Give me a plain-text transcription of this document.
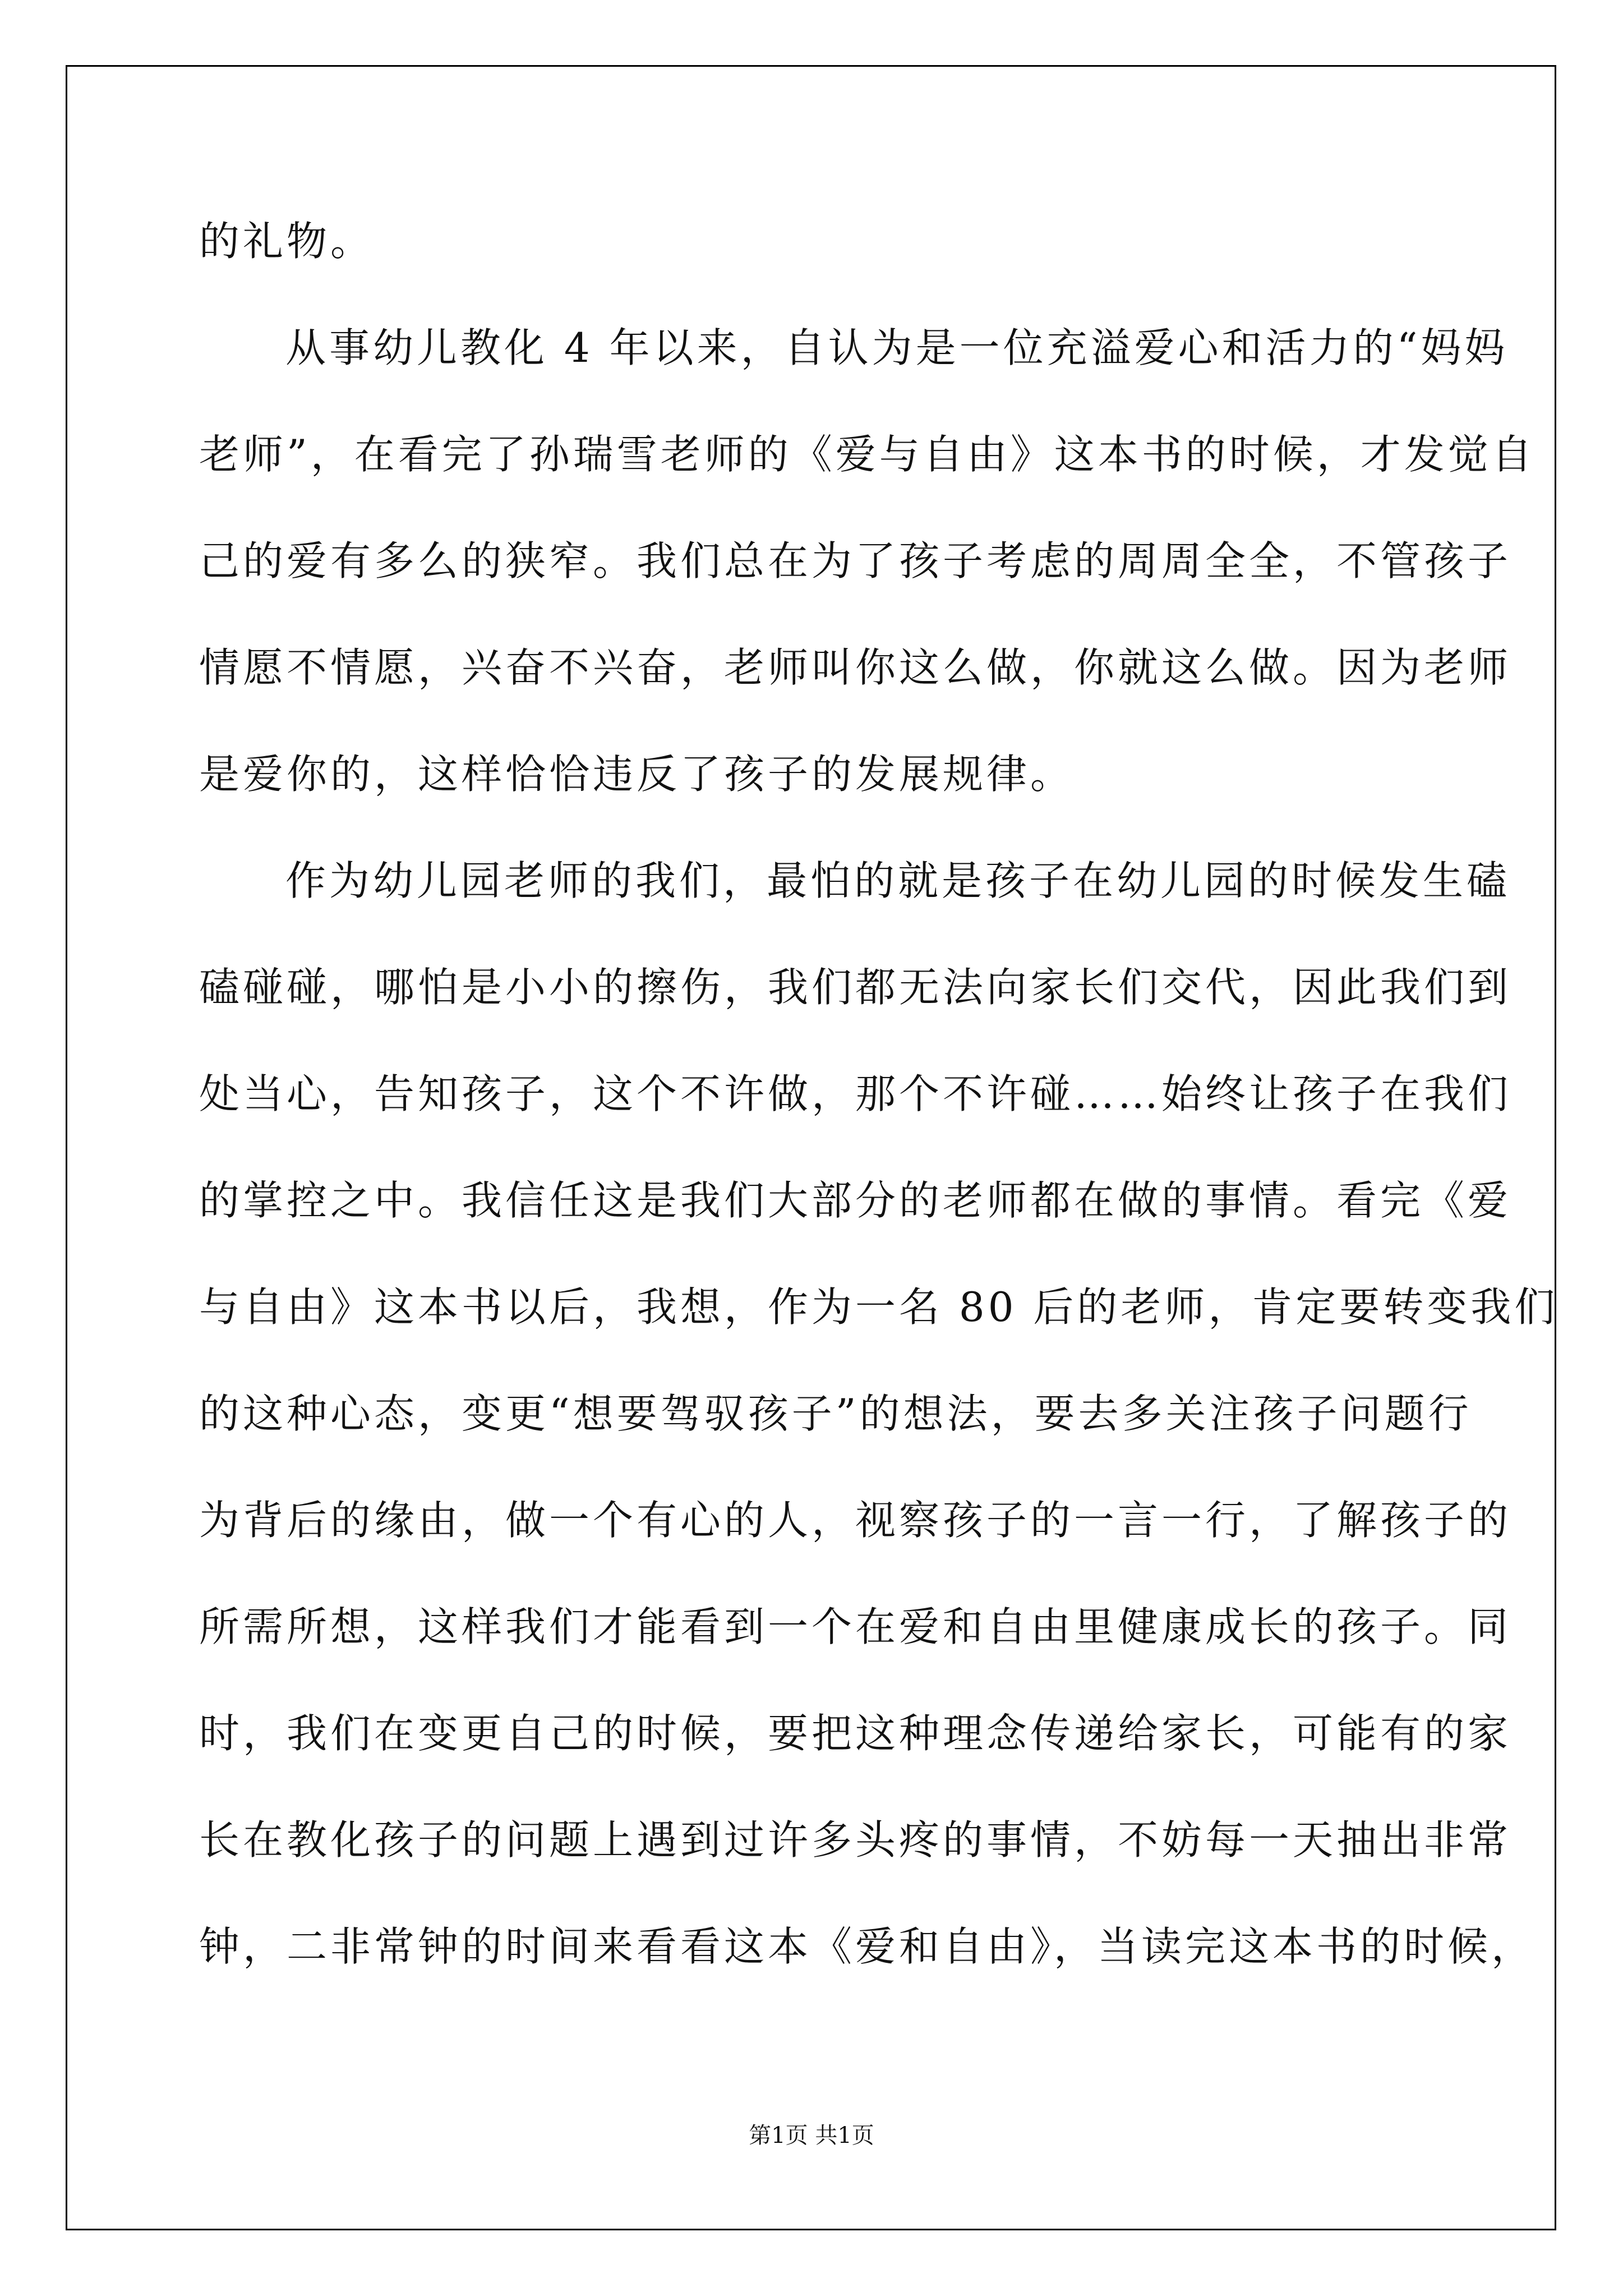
的礼物。
从事幼儿教化 4 年以来，自认为是一位充溢爱心和活力的“妈妈
老师”，在看完了孙瑞雪老师的《爱与自由》这本书的时候，才发觉自
己的爱有多么的狭窄。我们总在为了孩子考虑的周周全全，不管孩子
情愿不情愿，兴奋不兴奋，老师叫你这么做，你就这么做。因为老师
是爱你的，这样恰恰违反了孩子的发展规律。
作为幼儿园老师的我们，最怕的就是孩子在幼儿园的时候发生磕
磕碰碰，哪怕是小小的擦伤，我们都无法向家长们交代，因此我们到
处当心，告知孩子，这个不许做，那个不许碰……始终让孩子在我们
的掌控之中。我信任这是我们大部分的老师都在做的事情。看完《爱
与自由》这本书以后，我想，作为一名 80 后的老师，肯定要转变我们
的这种心态，变更“想要驾驭孩子”的想法，要去多关注孩子问题行
为背后的缘由，做一个有心的人，视察孩子的一言一行，了解孩子的
所需所想，这样我们才能看到一个在爱和自由里健康成长的孩子。同
时，我们在变更自己的时候，要把这种理念传递给家长，可能有的家
长在教化孩子的问题上遇到过许多头疼的事情，不妨每一天抽出非常
钟，二非常钟的时间来看看这本《爱和自由》，当读完这本书的时候，
第1页 共1页
